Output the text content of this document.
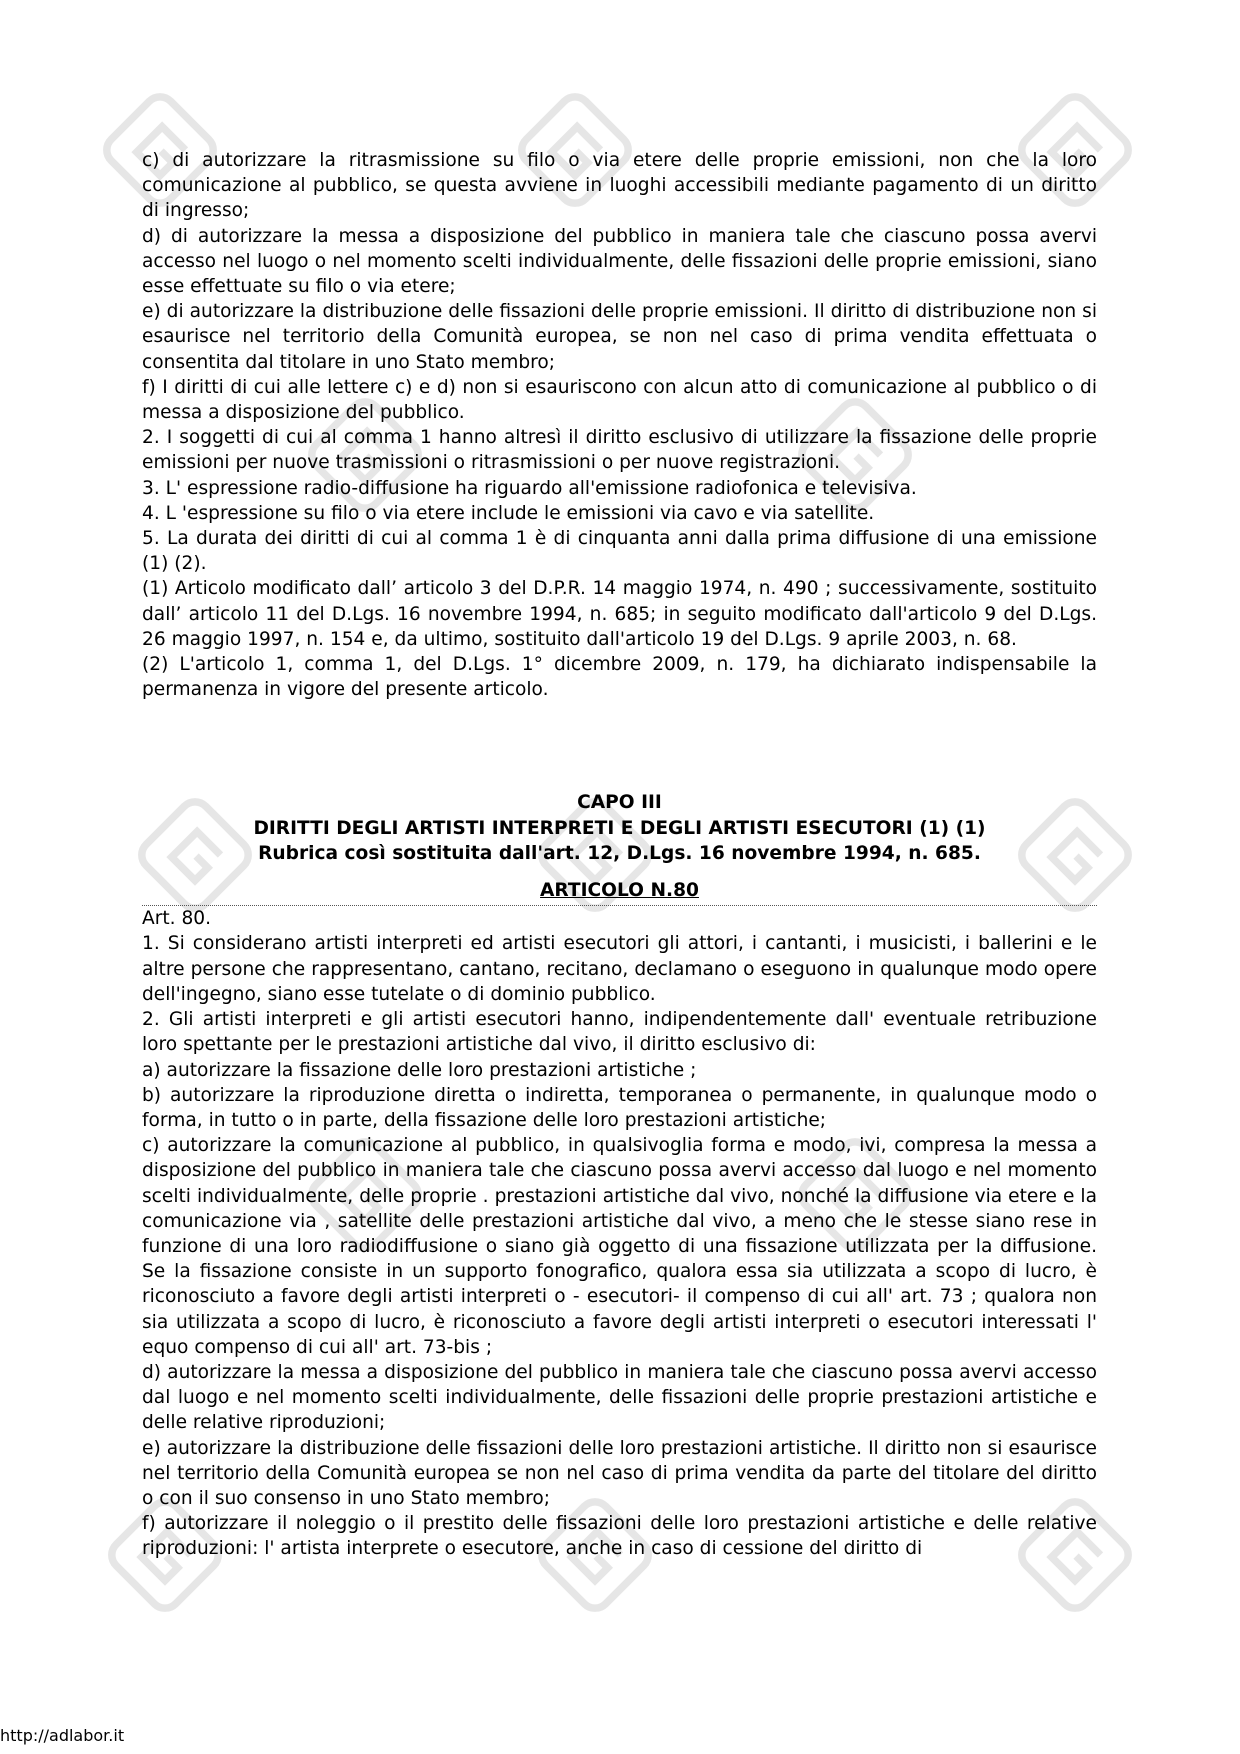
c) di autorizzare la ritrasmissione su filo o via etere delle proprie emissioni, non che la loro comunicazione al pubblico, se questa avviene in luoghi accessibili mediante pagamento di un diritto di ingresso;

d) di autorizzare la messa a disposizione del pubblico in maniera tale che ciascuno possa avervi accesso nel luogo o nel momento scelti individualmente, delle fissazioni delle proprie emissioni, siano esse effettuate su filo o via etere;

e) di autorizzare la distribuzione delle fissazioni delle proprie emissioni. Il diritto di distribuzione non si esaurisce nel territorio della Comunità europea, se non nel caso di prima vendita effettuata o consentita dal titolare in uno Stato membro;

f) I diritti di cui alle lettere c) e d) non si esauriscono con alcun atto di comunicazione al pubblico o di messa a disposizione del pubblico.

2. I soggetti di cui al comma 1 hanno altresì il diritto esclusivo di utilizzare la fissazione delle proprie emissioni per nuove trasmissioni o ritrasmissioni o per nuove registrazioni.

3. L' espressione radio-diffusione ha riguardo all'emissione radiofonica e televisiva.

4. L 'espressione su filo o via etere include le emissioni via cavo e via satellite.

5. La durata dei diritti di cui al comma 1 è di cinquanta anni dalla prima diffusione di una emissione (1) (2).

(1) Articolo modificato dall’ articolo 3 del D.P.R. 14 maggio 1974, n. 490 ; successivamente, sostituito dall’ articolo 11 del D.Lgs. 16 novembre 1994, n. 685; in seguito modificato dall'articolo 9 del D.Lgs. 26 maggio 1997, n. 154 e, da ultimo, sostituito dall'articolo 19 del D.Lgs. 9 aprile 2003, n. 68.

(2) L'articolo 1, comma 1, del D.Lgs. 1° dicembre 2009, n. 179, ha dichiarato indispensabile la permanenza in vigore del presente articolo.

CAPO III

DIRITTI DEGLI ARTISTI INTERPRETI E DEGLI ARTISTI ESECUTORI (1) (1)

Rubrica così sostituita dall'art. 12, D.Lgs. 16 novembre 1994, n. 685.

ARTICOLO N.80

Art. 80.

1. Si considerano artisti interpreti ed artisti esecutori gli attori, i cantanti, i musicisti, i ballerini e le altre persone che rappresentano, cantano, recitano, declamano o eseguono in qualunque modo opere dell'ingegno, siano esse tutelate o di dominio pubblico.

2. Gli artisti interpreti e gli artisti esecutori hanno, indipendentemente dall' eventuale retribuzione loro spettante per le prestazioni artistiche dal vivo, il diritto esclusivo di:

a) autorizzare la fissazione delle loro prestazioni artistiche ;

b) autorizzare la riproduzione diretta o indiretta, temporanea o permanente, in qualunque modo o forma, in tutto o in parte, della fissazione delle loro prestazioni artistiche;

c) autorizzare la comunicazione al pubblico, in qualsivoglia forma e modo, ivi, compresa la messa a disposizione del pubblico in maniera tale che ciascuno possa avervi accesso dal luogo e nel momento scelti individualmente, delle proprie . prestazioni artistiche dal vivo, nonché la diffusione via etere e la comunicazione via , satellite delle prestazioni artistiche dal vivo, a meno che le stesse siano rese in funzione di una loro radiodiffusione o siano già oggetto di una fissazione utilizzata per la diffusione. Se la fissazione consiste in un supporto fonografico, qualora essa sia utilizzata a scopo di lucro, è riconosciuto a favore degli artisti interpreti o - esecutori- il compenso di cui all' art. 73 ; qualora non sia utilizzata a scopo di lucro, è riconosciuto a favore degli artisti interpreti o esecutori interessati l' equo compenso di cui all' art. 73-bis ;

d) autorizzare la messa a disposizione del pubblico in maniera tale che ciascuno possa avervi accesso dal luogo e nel momento scelti individualmente, delle fissazioni delle proprie prestazioni artistiche e delle relative riproduzioni;

e) autorizzare la distribuzione delle fissazioni delle loro prestazioni artistiche. Il diritto non si esaurisce nel territorio della Comunità europea se non nel caso di prima vendita da parte del titolare del diritto o con il suo consenso in uno Stato membro;

f) autorizzare il noleggio o il prestito delle fissazioni delle loro prestazioni artistiche e delle relative riproduzioni: l' artista interprete o esecutore, anche in caso di cessione del diritto di

http://adlabor.it
